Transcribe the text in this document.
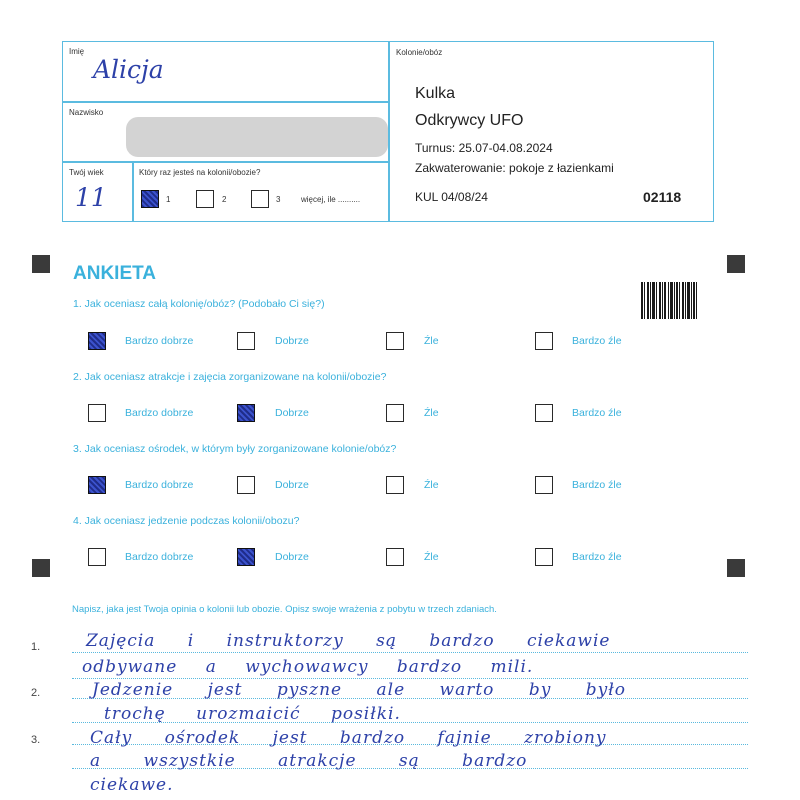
Imię
Alicja
Nazwisko
Twój wiek
11
Który raz jesteś na kolonii/obozie?
1	2	3	więcej, ile ..........
Kolonie/obóz
Kulka
Odkrywcy UFO
Turnus: 25.07-04.08.2024
Zakwaterowanie: pokoje z łazienkami
KUL 04/08/24	02118
ANKIETA
1. Jak oceniasz całą kolonię/obóz? (Podobało Ci się?)
Bardzo dobrze	Dobrze	Źle	Bardzo źle
2. Jak oceniasz atrakcje i zajęcia zorganizowane na kolonii/obozie?
Bardzo dobrze	Dobrze	Źle	Bardzo źle
3. Jak oceniasz ośrodek, w którym były zorganizowane kolonie/obóz?
Bardzo dobrze	Dobrze	Źle	Bardzo źle
4. Jak oceniasz jedzenie podczas kolonii/obozu?
Bardzo dobrze	Dobrze	Źle	Bardzo źle
Napisz, jaka jest Twoja opinia o kolonii lub obozie. Opisz swoje wrażenia z pobytu w trzech zdaniach.
1.
2.
3.
Zajęcia i instruktorzy są bardzo ciekawie
odbywane a wychowawcy bardzo mili.
Jedzenie jest pyszne ale warto by było
trochę urozmaicić posiłki.
Cały ośrodek jest bardzo fajnie zrobiony
a wszystkie atrakcje są bardzo
ciekawe.
